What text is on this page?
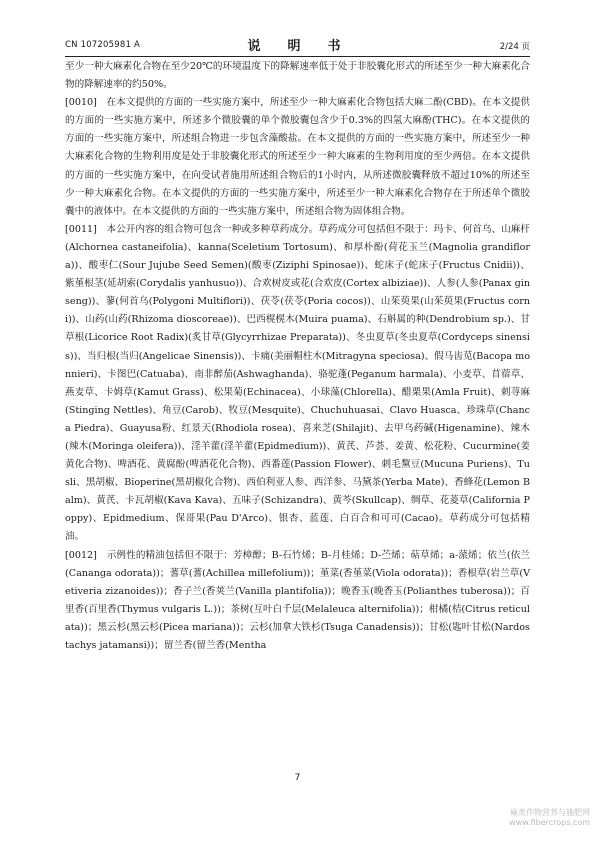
CN 107205981 A	说　明　书	2/24 页

至少一种大麻素化合物在至少20℃的环境温度下的降解速率低于处于非胶囊化形式的所述至少一种大麻素化合物的降解速率的约50%。

[0010]　在本文提供的方面的一些实施方案中，所述至少一种大麻素化合物包括大麻二酚(CBD)。在本文提供的方面的一些实施方案中，所述多个微胶囊的单个微胶囊包含少于0.3%的四氢大麻酚(THC)。在本文提供的方面的一些实施方案中，所述组合物进一步包含藻酸盐。在本文提供的方面的一些实施方案中，所述至少一种大麻素化合物的生物利用度是处于非胶囊化形式的所述至少一种大麻素的生物利用度的至少两倍。在本文提供的方面的一些实施方案中，在向受试者施用所述组合物后的1小时内，从所述微胶囊释放不超过10%的所述至少一种大麻素化合物。在本文提供的方面的一些实施方案中，所述至少一种大麻素化合物存在于所述单个微胶囊中的液体中。在本文提供的方面的一些实施方案中，所述组合物为固体组合物。

[0011]　本公开内容的组合物可包含一种或多种草药成分。草药成分可包括但不限于：玛卡、何首乌、山麻杆(Alchornea castaneifolia)、kanna(Sceletium Tortosum)、和厚朴酚(荷花玉兰(Magnolia grandiflora))、酸枣仁(Sour Jujube Seed Semen)(酸枣(Ziziphi Spinosae))、蛇床子(蛇床子(Fructus Cnidii))、紫堇根茎(延胡索(Corydalis yanhusuo))、合欢树皮或花(合欢皮(Cortex albiziae))、人参(人参(Panax ginseng))、蓼(何首乌(Polygoni Multiflori))、茯苓(茯苓(Poria cocos))、山茱萸果(山茱萸果(Fructus corni))、山药(山药(Rhizoma dioscoreae))、巴西榥榥木(Muira puama)、石斛属的种(Dendrobium sp.)、甘草根(Licorice Root Radix)(炙甘草(Glycyrrhizae Preparata))、冬虫夏草(冬虫夏草(Cordyceps sinensis))、当归根(当归(Angelicae Sinensis))、卡痛(美丽帽柱木(Mitragyna speciosa)、假马齿苋(Bacopa monnieri)、卡图巴(Catuaba)、南非醉茄(Ashwaghanda)、骆驼蓬(Peganum harmala)、小麦草、苜蓿草、燕麦草、卡姆草(Kamut Grass)、松果菊(Echinacea)、小球藻(Chlorella)、醋栗果(Amla Fruit)、刺荨麻(Stinging Nettles)、角豆(Carob)、牧豆(Mesquite)、Chuchuhuasai、Clavo Huasca、珍珠草(Chanca Piedra)、Guayusa粉、红景天(Rhodiola rosea)、喜来芝(Shilajit)、去甲乌药碱(Higenamine)、辣木(辣木(Moringa oleifera))、淫羊藿(淫羊藿(Epidmedium))、黄芪、芦荟、姜黄、松花粉、Cucurmine(姜黄化合物)、啤酒花、黄腐酚(啤酒花化合物)、西番莲(Passion Flower)、刺毛黧豆(Mucuna Puriens)、Tusli、黑胡椒、Bioperine(黑胡椒化合物)、西伯利亚人参、西洋参、马黛茶(Yerba Mate)、香蜂花(Lemon Balm)、黄芪、卡瓦胡椒(Kava Kava)、五味子(Schizandra)、黄芩(Skullcap)、绸草、花菱草(California Poppy)、Epidmedium、保哥果(Pau D'Arco)、银杏、蓝莲、白百合和可可(Cacao)。草药成分可包括精油。

[0012]　示例性的精油包括但不限于：芳樟醇；B-石竹烯；B-月桂烯；D-苎烯；萜草烯；a-蒎烯；依兰(依兰(Cananga odorata))；蓍草(蓍(Achillea millefolium))；堇菜(香堇菜(Viola odorata))；香根草(岩兰草(Vetiveria zizanoides))；香子兰(香荚兰(Vanilla plantifolia))；晚香玉(晚香玉(Polianthes tuberosa))；百里香(百里香(Thymus vulgaris L.))；茶树(互叶白千层(Melaleuca alternifolia))；柑橘(桔(Citrus reticulata))；黑云杉(黑云杉(Picea mariana))；云杉(加拿大铁杉(Tsuga Canadensis))；甘松(匙叶甘松(Nardostachys jatamansi))；留兰香(留兰香(Mentha

7
麻类作物营养与施肥网
www.fibercrops.com
